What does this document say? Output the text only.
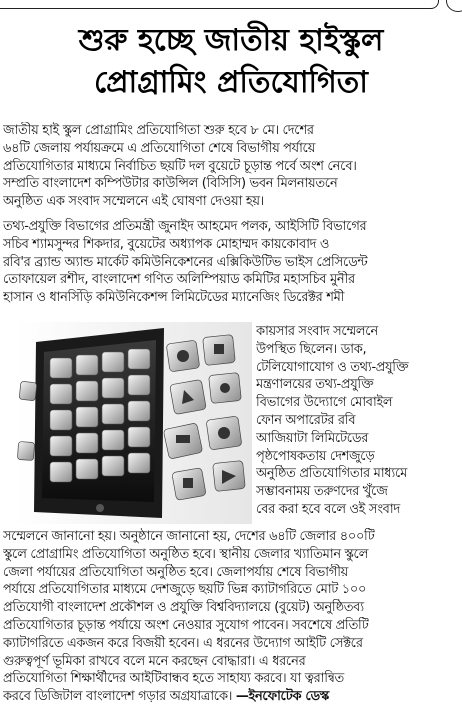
শুরু হচ্ছে জাতীয় হাইস্কুল
প্রোগ্রামিং প্রতিযোগিতা
জাতীয় হাই স্কুল প্রোগ্রামিং প্রতিযোগিতা শুরু হবে ৮ মে। দেশের
৬৪টি জেলায় পর্যায়ক্রমে এ প্রতিযোগিতা শেষে বিভাগীয় পর্যায়ে
প্রতিযোগিতার মাধ্যমে নির্বাচিত ছয়টি দল বুয়েটে চূড়ান্ত পর্বে অংশ নেবে।
সম্প্রতি বাংলাদেশ কম্পিউটার কাউন্সিল (বিসিসি) ভবন মিলনায়তনে
অনুষ্ঠিত এক সংবাদ সম্মেলনে এই ঘোষণা দেওয়া হয়।
তথ্য-প্রযুক্তি বিভাগের প্রতিমন্ত্রী জুনাইদ আহমেদ পলক, আইসিটি বিভাগের
সচিব শ্যামসুন্দর শিকদার, বুয়েটের অধ্যাপক মোহাম্মদ কায়কোবাদ ও
রবি'র ব্র্যান্ড অ্যান্ড মার্কেট কমিউনিকেশনের এক্সিকিউটিভ ভাইস প্রেসিডেন্ট
তোফায়েল রশীদ, বাংলাদেশ গণিত অলিম্পিয়াড কমিটির মহাসচিব মুনীর
হাসান ও ধানসিঁড়ি কমিউনিকেশন্স লিমিটেডের ম্যানেজিং ডিরেক্টর শমী
কায়সার সংবাদ সম্মেলনে
উপস্থিত ছিলেন। ডাক,
টেলিযোগাযোগ ও তথ্য-প্রযুক্তি
মন্ত্রণালয়ের তথ্য-প্রযুক্তি
বিভাগের উদ্যোগে মোবাইল
ফোন অপারেটর রবি
আজিয়াটা লিমিটেডের
পৃষ্ঠপোষকতায় দেশজুড়ে
অনুষ্ঠিত প্রতিযোগিতার মাধ্যমে
সম্ভাবনাময় তরুণদের খুঁজে
বের করা হবে বলে ওই সংবাদ
সম্মেলনে জানানো হয়। অনুষ্ঠানে জানানো হয়, দেশের ৬৪টি জেলার ৪০০টি
স্কুলে প্রোগ্রামিং প্রতিযোগিতা অনুষ্ঠিত হবে। স্থানীয় জেলার খ্যাতিমান স্কুলে
জেলা পর্যায়ের প্রতিযোগিতা অনুষ্ঠিত হবে। জেলাপর্যায় শেষে বিভাগীয়
পর্যায়ে প্রতিযোগিতার মাধ্যমে দেশজুড়ে ছয়টি ভিন্ন ক্যাটাগরিতে মোট ১০০
প্রতিযোগী বাংলাদেশ প্রকৌশল ও প্রযুক্তি বিশ্ববিদ্যালয়ে (বুয়েট) অনুষ্ঠিতব্য
প্রতিযোগিতার চূড়ান্ত পর্যায়ে অংশ নেওয়ার সুযোগ পাবেন। সবশেষে প্রতিটি
ক্যাটাগরিতে একজন করে বিজয়ী হবেন। এ ধরনের উদ্যোগ আইটি সেক্টরে
গুরুত্বপূর্ণ ভূমিকা রাখবে বলে মনে করছেন বোদ্ধারা। এ ধরনের
প্রতিযোগিতা শিক্ষার্থীদের আইটিবান্ধব হতে সাহায্য করবে। যা ত্বরান্বিত
করবে ডিজিটাল বাংলাদেশ গড়ার অগ্রযাত্রাকে। —ইনফোটেক ডেস্ক
